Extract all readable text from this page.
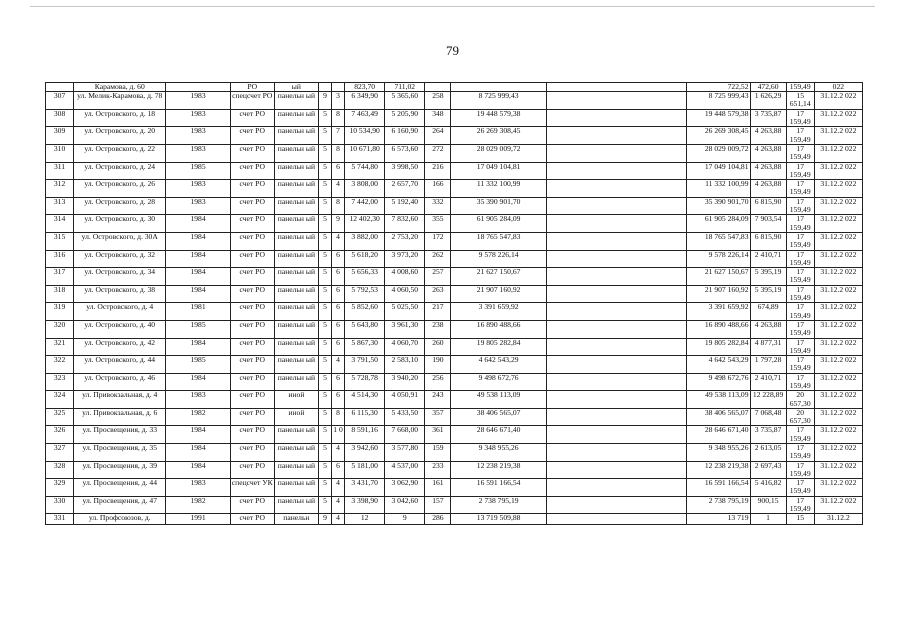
79
	Карамова, д. 60		РО	ый			823,70	711,02				722,52	472,60	159,49	022
307	ул. Мелик-Карамова, д. 78	1983	спецсчет РО	панельн ый	9	3	6 349,90	5 365,60	258	8 725 999,43		8 725 999,43	1 626,29	15 651,14	31.12.2 022
308	ул. Островского, д. 18	1983	счет РО	панельн ый	5	8	7 463,49	5 205,90	348	19 448 579,38		19 448 579,38	3 735,87	17 159,49	31.12.2 022
309	ул. Островского, д. 20	1983	счет РО	панельн ый	5	7	10 534,90	6 160,90	264	26 269 308,45		26 269 308,45	4 263,88	17 159,49	31.12.2 022
310	ул. Островского, д. 22	1983	счет РО	панельн ый	5	8	10 671,80	6 573,60	272	28 029 009,72		28 029 009,72	4 263,88	17 159,49	31.12.2 022
311	ул. Островского, д. 24	1985	счет РО	панельн ый	5	6	5 744,80	3 998,50	216	17 049 104,81		17 049 104,81	4 263,88	17 159,49	31.12.2 022
312	ул. Островского, д. 26	1983	счет РО	панельн ый	5	4	3 808,00	2 657,70	166	11 332 100,99		11 332 100,99	4 263,88	17 159,49	31.12.2 022
313	ул. Островского, д. 28	1983	счет РО	панельн ый	5	8	7 442,00	5 192,40	332	35 390 901,70		35 390 901,70	6 815,90	17 159,49	31.12.2 022
314	ул. Островского, д. 30	1984	счет РО	панельн ый	5	9	12 402,30	7 832,60	355	61 905 284,09		61 905 284,09	7 903,54	17 159,49	31.12.2 022
315	ул. Островского, д. 30А	1984	счет РО	панельн ый	5	4	3 882,00	2 753,20	172	18 765 547,83		18 765 547,83	6 815,90	17 159,49	31.12.2 022
316	ул. Островского, д. 32	1984	счет РО	панельн ый	5	6	5 618,20	3 973,20	262	9 578 226,14		9 578 226,14	2 410,71	17 159,49	31.12.2 022
317	ул. Островского, д. 34	1984	счет РО	панельн ый	5	6	5 656,33	4 008,60	257	21 627 150,67		21 627 150,67	5 395,19	17 159,49	31.12.2 022
318	ул. Островского, д. 38	1984	счет РО	панельн ый	5	6	5 792,53	4 060,50	263	21 907 160,92		21 907 160,92	5 395,19	17 159,49	31.12.2 022
319	ул. Островского, д. 4	1981	счет РО	панельн ый	5	6	5 852,60	5 025,50	217	3 391 659,92		3 391 659,92	674,89	17 159,49	31.12.2 022
320	ул. Островского, д. 40	1985	счет РО	панельн ый	5	6	5 643,80	3 961,30	238	16 890 488,66		16 890 488,66	4 263,88	17 159,49	31.12.2 022
321	ул. Островского, д. 42	1984	счет РО	панельн ый	5	6	5 867,30	4 060,70	260	19 805 282,84		19 805 282,84	4 877,31	17 159,49	31.12.2 022
322	ул. Островского, д. 44	1985	счет РО	панельн ый	5	4	3 791,50	2 583,10	190	4 642 543,29		4 642 543,29	1 797,28	17 159,49	31.12.2 022
323	ул. Островского, д. 46	1984	счет РО	панельн ый	5	6	5 728,78	3 940,20	256	9 498 672,76		9 498 672,76	2 410,71	17 159,49	31.12.2 022
324	ул. Привокзальная, д. 4	1983	счет РО	иной	5	6	4 514,30	4 050,91	243	49 538 113,09		49 538 113,09	12 228,89	20 657,30	31.12.2 022
325	ул. Привокзальная, д. 6	1982	счет РО	иной	5	8	6 115,30	5 433,50	357	38 406 565,07		38 406 565,07	7 068,48	20 657,30	31.12.2 022
326	ул. Просвещения, д. 33	1984	счет РО	панельн ый	5	1 0	8 591,16	7 668,00	361	28 646 671,40		28 646 671,40	3 735,87	17 159,49	31.12.2 022
327	ул. Просвещения, д. 35	1984	счет РО	панельн ый	5	4	3 942,60	3 577,80	159	9 348 955,26		9 348 955,26	2 613,05	17 159,49	31.12.2 022
328	ул. Просвещения, д. 39	1984	счет РО	панельн ый	5	6	5 181,00	4 537,00	233	12 238 219,38		12 238 219,38	2 697,43	17 159,49	31.12.2 022
329	ул. Просвещения, д. 44	1983	спецсчет УК	панельн ый	5	4	3 431,70	3 062,90	161	16 591 166,54		16 591 166,54	5 416,82	17 159,49	31.12.2 022
330	ул. Просвещения, д. 47	1982	счет РО	панельн ый	5	4	3 398,90	3 042,60	157	2 738 795,19		2 738 795,19	900,15	17 159,49	31.12.2 022
331	ул. Профсоюзов, д.	1991	счет РО	панельн	9	4	12	9	286	13 719 509,88		13 719	1	15	31.12.2
